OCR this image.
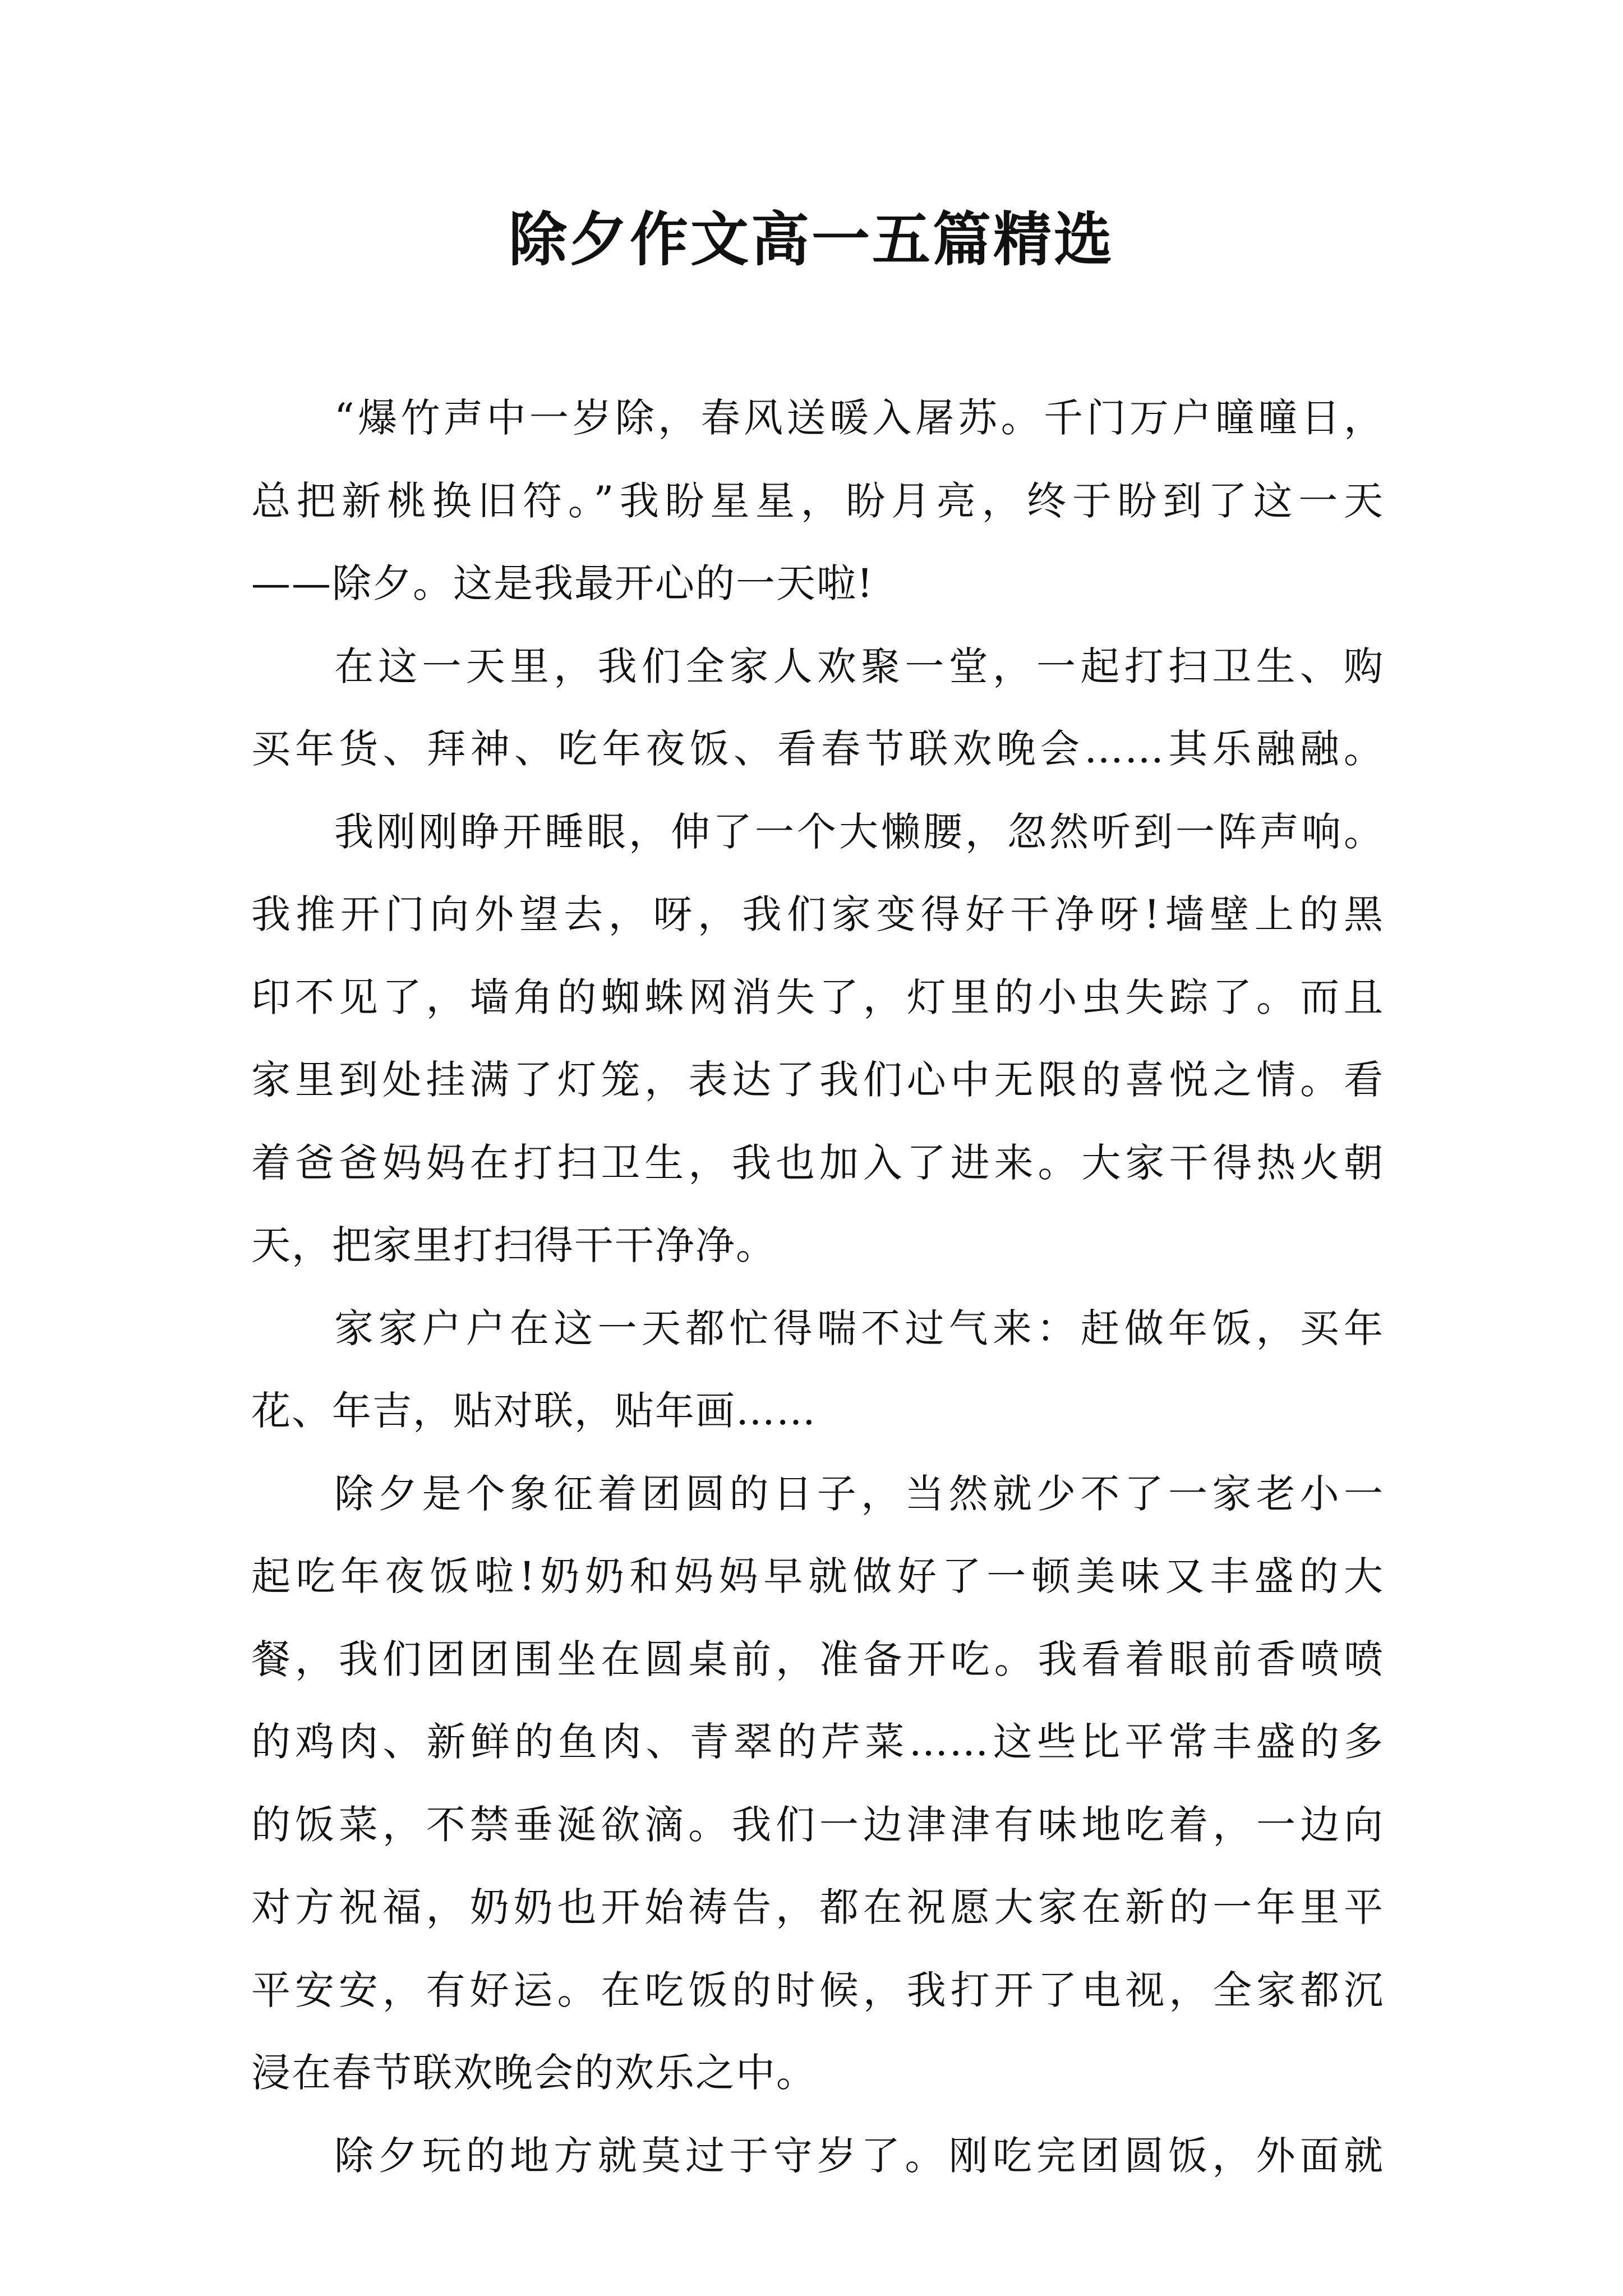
除夕作文高一五篇精选
“爆竹声中一岁除，春风送暖入屠苏。千门万户曈曈日，
总把新桃换旧符。”我盼星星，盼月亮，终于盼到了这一天
——除夕。这是我最开心的一天啦!
在这一天里，我们全家人欢聚一堂，一起打扫卫生、购
买年货、拜神、吃年夜饭、看春节联欢晚会……其乐融融。
我刚刚睁开睡眼，伸了一个大懒腰，忽然听到一阵声响。
我推开门向外望去，呀，我们家变得好干净呀!墙壁上的黑
印不见了，墙角的蜘蛛网消失了，灯里的小虫失踪了。而且
家里到处挂满了灯笼，表达了我们心中无限的喜悦之情。看
着爸爸妈妈在打扫卫生，我也加入了进来。大家干得热火朝
天，把家里打扫得干干净净。
家家户户在这一天都忙得喘不过气来：赶做年饭，买年
花、年吉，贴对联，贴年画……
除夕是个象征着团圆的日子，当然就少不了一家老小一
起吃年夜饭啦!奶奶和妈妈早就做好了一顿美味又丰盛的大
餐，我们团团围坐在圆桌前，准备开吃。我看着眼前香喷喷
的鸡肉、新鲜的鱼肉、青翠的芹菜……这些比平常丰盛的多
的饭菜，不禁垂涎欲滴。我们一边津津有味地吃着，一边向
对方祝福，奶奶也开始祷告，都在祝愿大家在新的一年里平
平安安，有好运。在吃饭的时候，我打开了电视，全家都沉
浸在春节联欢晚会的欢乐之中。
除夕玩的地方就莫过于守岁了。刚吃完团圆饭，外面就
